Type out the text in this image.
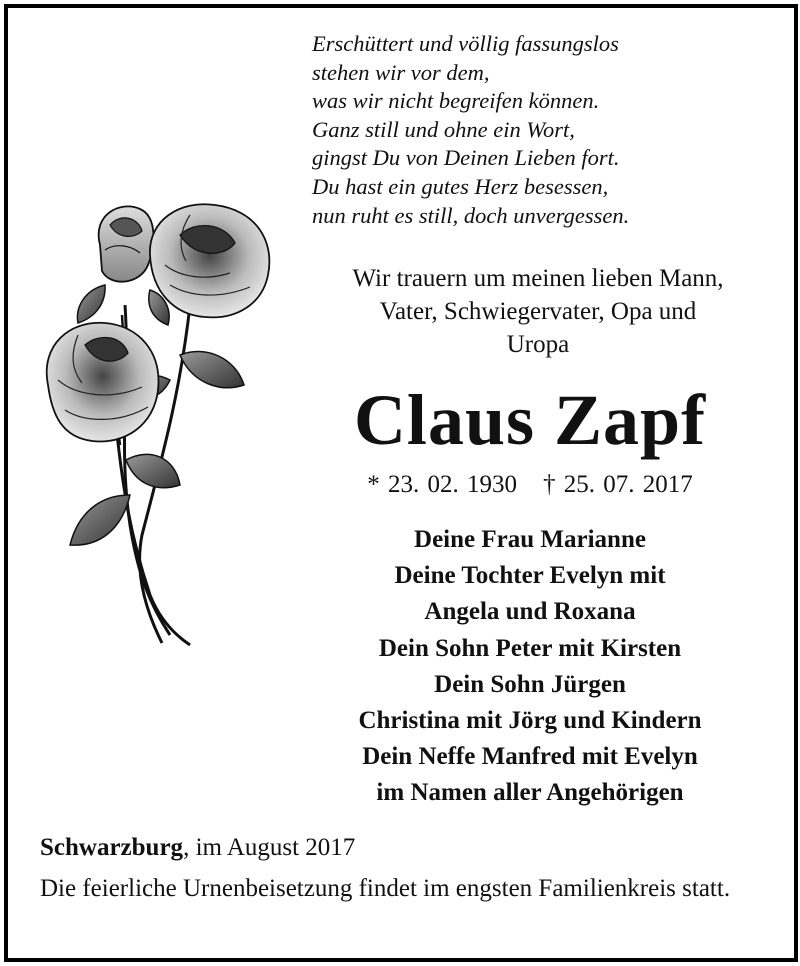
Erschüttert und völlig fassungslos
stehen wir vor dem,
was wir nicht begreifen können.
Ganz still und ohne ein Wort,
gingst Du von Deinen Lieben fort.
Du hast ein gutes Herz besessen,
nun ruht es still, doch unvergessen.
Wir trauern um meinen lieben Mann,
Vater, Schwiegervater, Opa und
Uropa
Claus Zapf
* 23. 02. 1930 † 25. 07. 2017
Deine Frau Marianne
Deine Tochter Evelyn mit
Angela und Roxana
Dein Sohn Peter mit Kirsten
Dein Sohn Jürgen
Christina mit Jörg und Kindern
Dein Neffe Manfred mit Evelyn
im Namen aller Angehörigen
Schwarzburg, im August 2017
Die feierliche Urnenbeisetzung findet im engsten Familienkreis statt.
